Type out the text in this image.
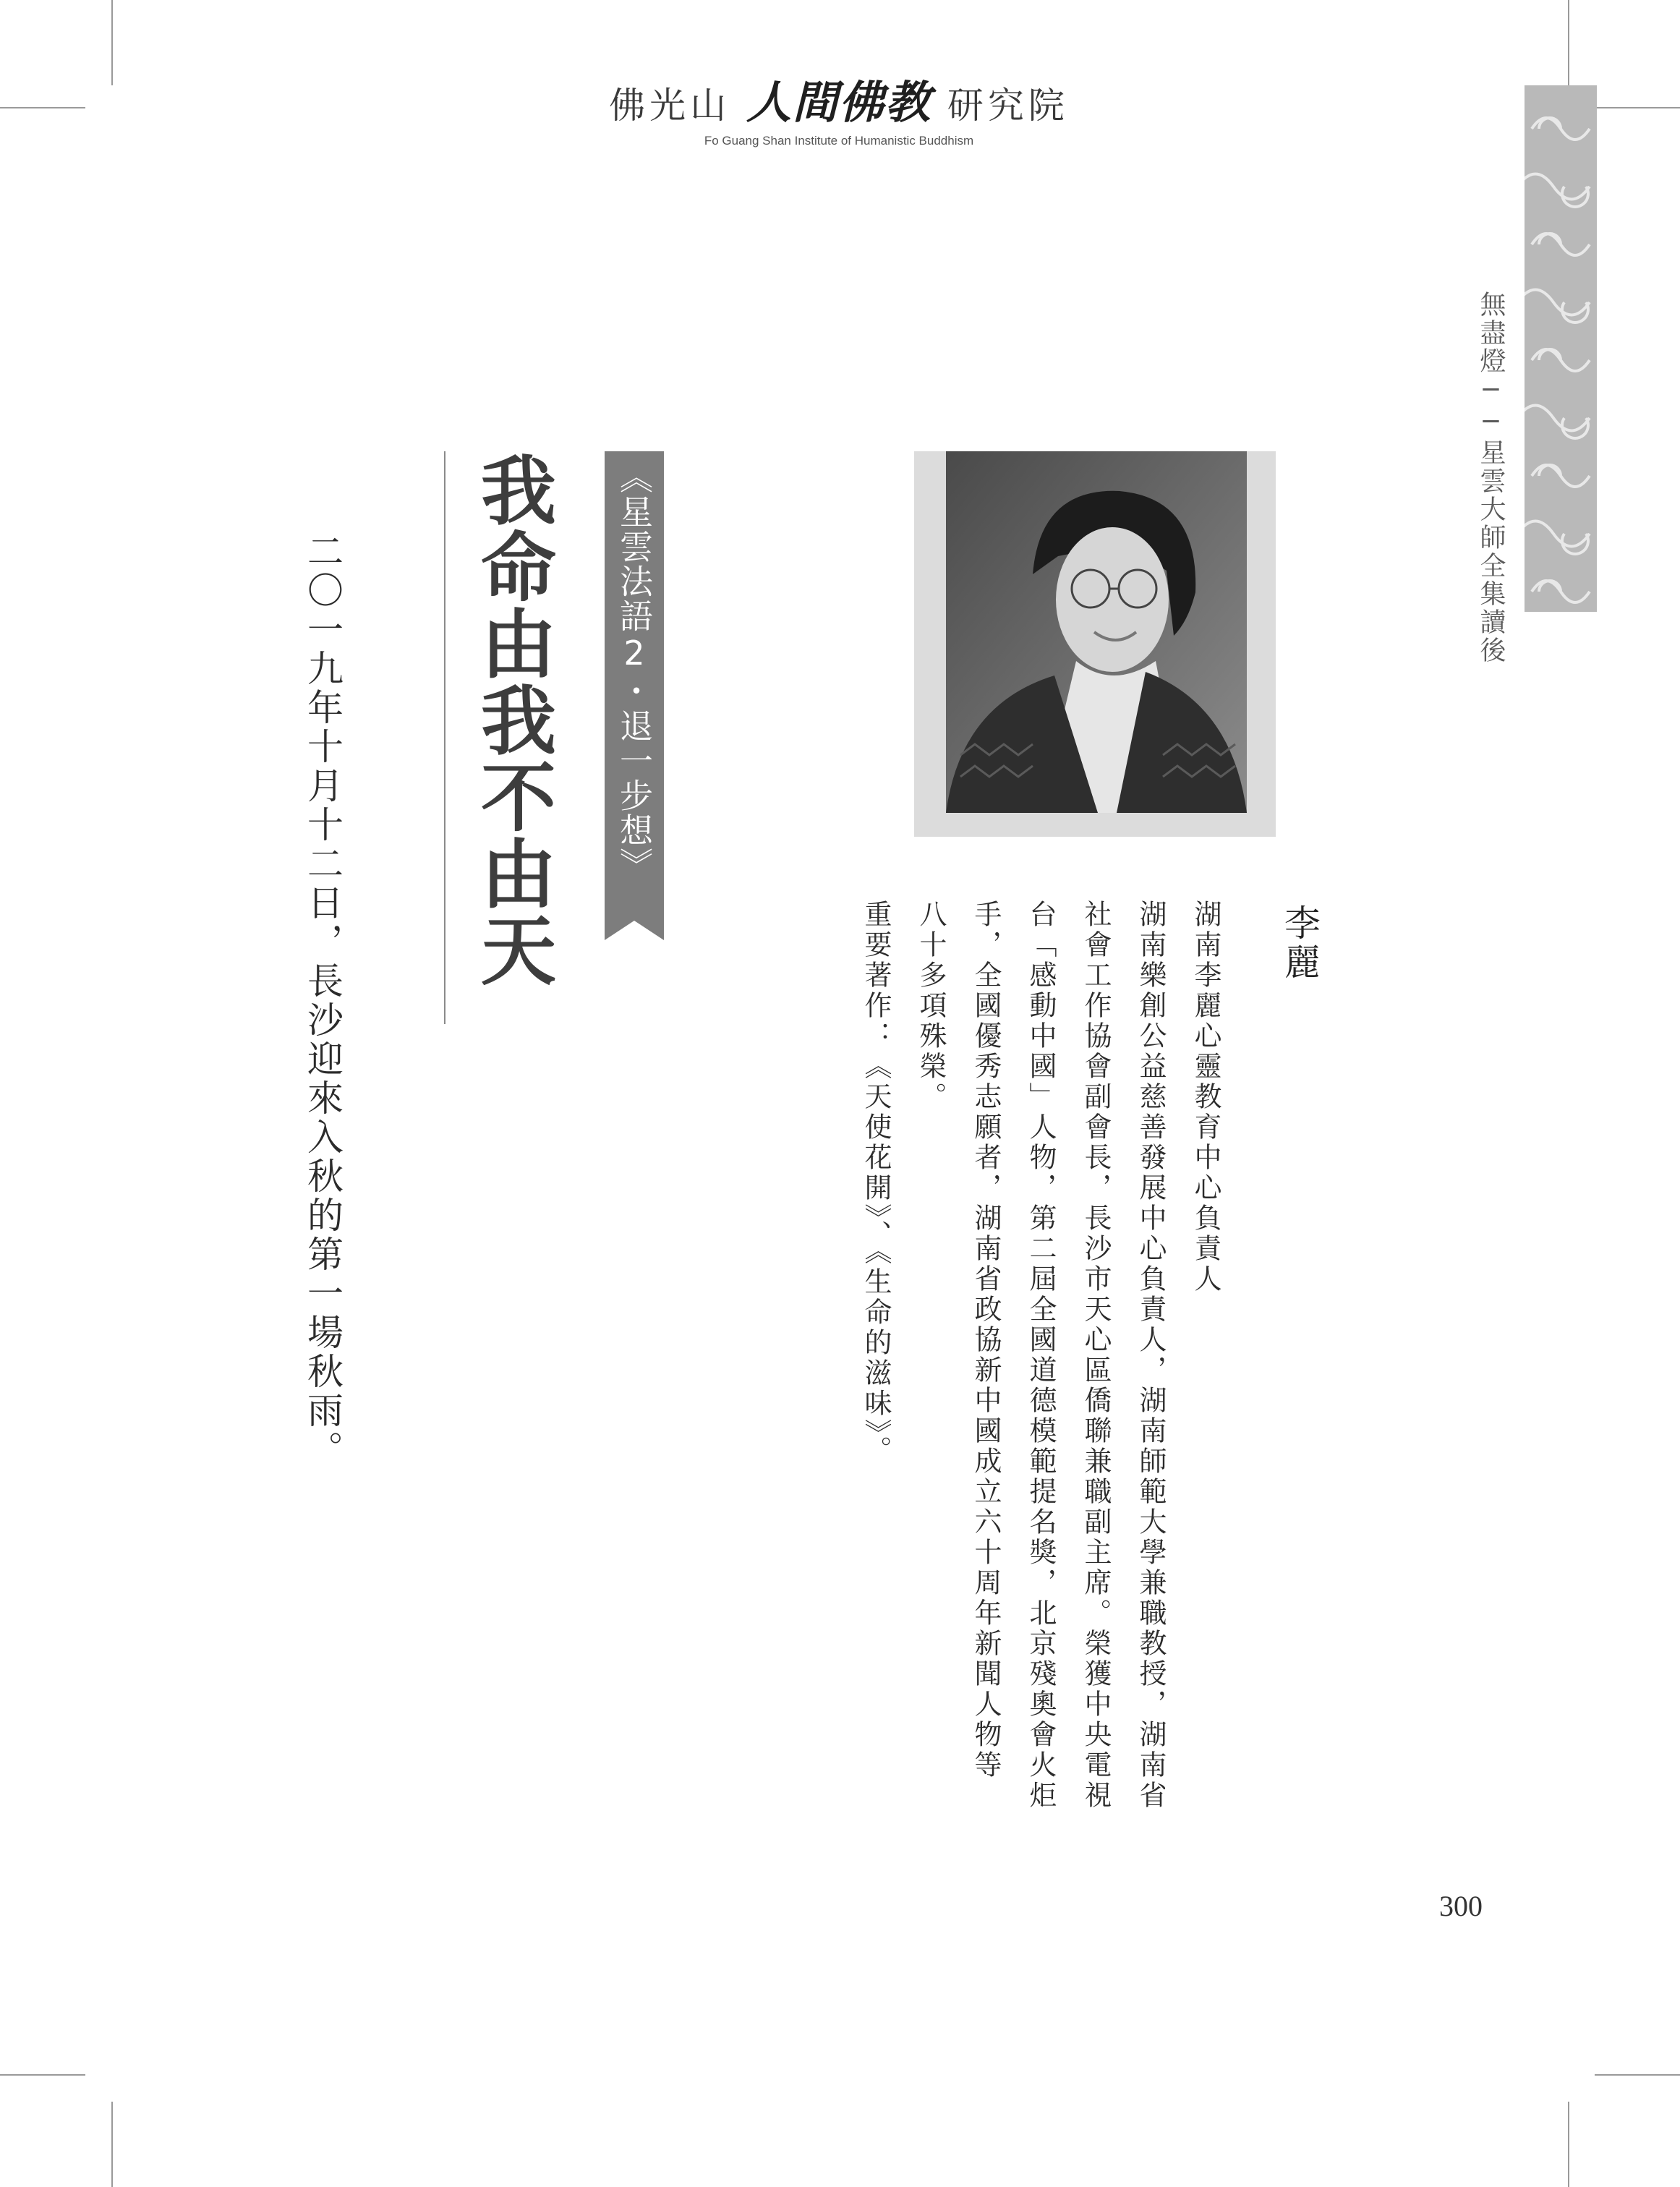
佛光山 人間佛教 研究院
Fo Guang Shan Institute of Humanistic Buddhism
無盡燈──星雲大師全集讀後
李麗

湖南李麗心靈教育中心負責人

湖南樂創公益慈善發展中心負責人，湖南師範大學兼職教授，湖南省

社會工作協會副會長，長沙市天心區僑聯兼職副主席。榮獲中央電視

台「感動中國」人物，第二屆全國道德模範提名獎，北京殘奧會火炬

手，全國優秀志願者，湖南省政協新中國成立六十周年新聞人物等

八十多項殊榮。

重要著作：《天使花開》、《生命的滋味》。

《星雲法語2・退一步想》
我命由我不由天
二〇一九年十月十二日，長沙迎來入秋的第一場秋雨。
300
